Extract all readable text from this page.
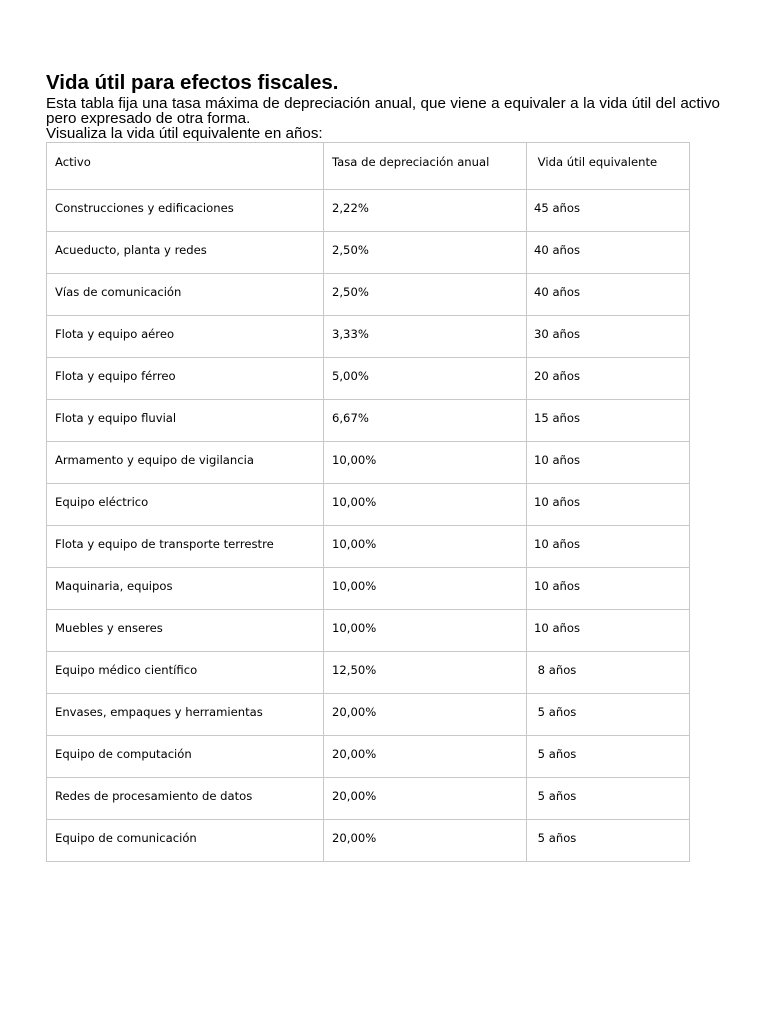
Vida útil para efectos fiscales.

Esta tabla fija una tasa máxima de depreciación anual, que viene a equivaler a la vida útil del activo pero expresado de otra forma.

Visualiza la vida útil equivalente en años:

Activo	Tasa de depreciación anual	Vida útil equivalente
Construcciones y edificaciones	2,22%	45 años
Acueducto, planta y redes	2,50%	40 años
Vías de comunicación	2,50%	40 años
Flota y equipo aéreo	3,33%	30 años
Flota y equipo férreo	5,00%	20 años
Flota y equipo fluvial	6,67%	15 años
Armamento y equipo de vigilancia	10,00%	10 años
Equipo eléctrico	10,00%	10 años
Flota y equipo de transporte terrestre	10,00%	10 años
Maquinaria, equipos	10,00%	10 años
Muebles y enseres	10,00%	10 años
Equipo médico científico	12,50%	8 años
Envases, empaques y herramientas	20,00%	5 años
Equipo de computación	20,00%	5 años
Redes de procesamiento de datos	20,00%	5 años
Equipo de comunicación	20,00%	5 años
